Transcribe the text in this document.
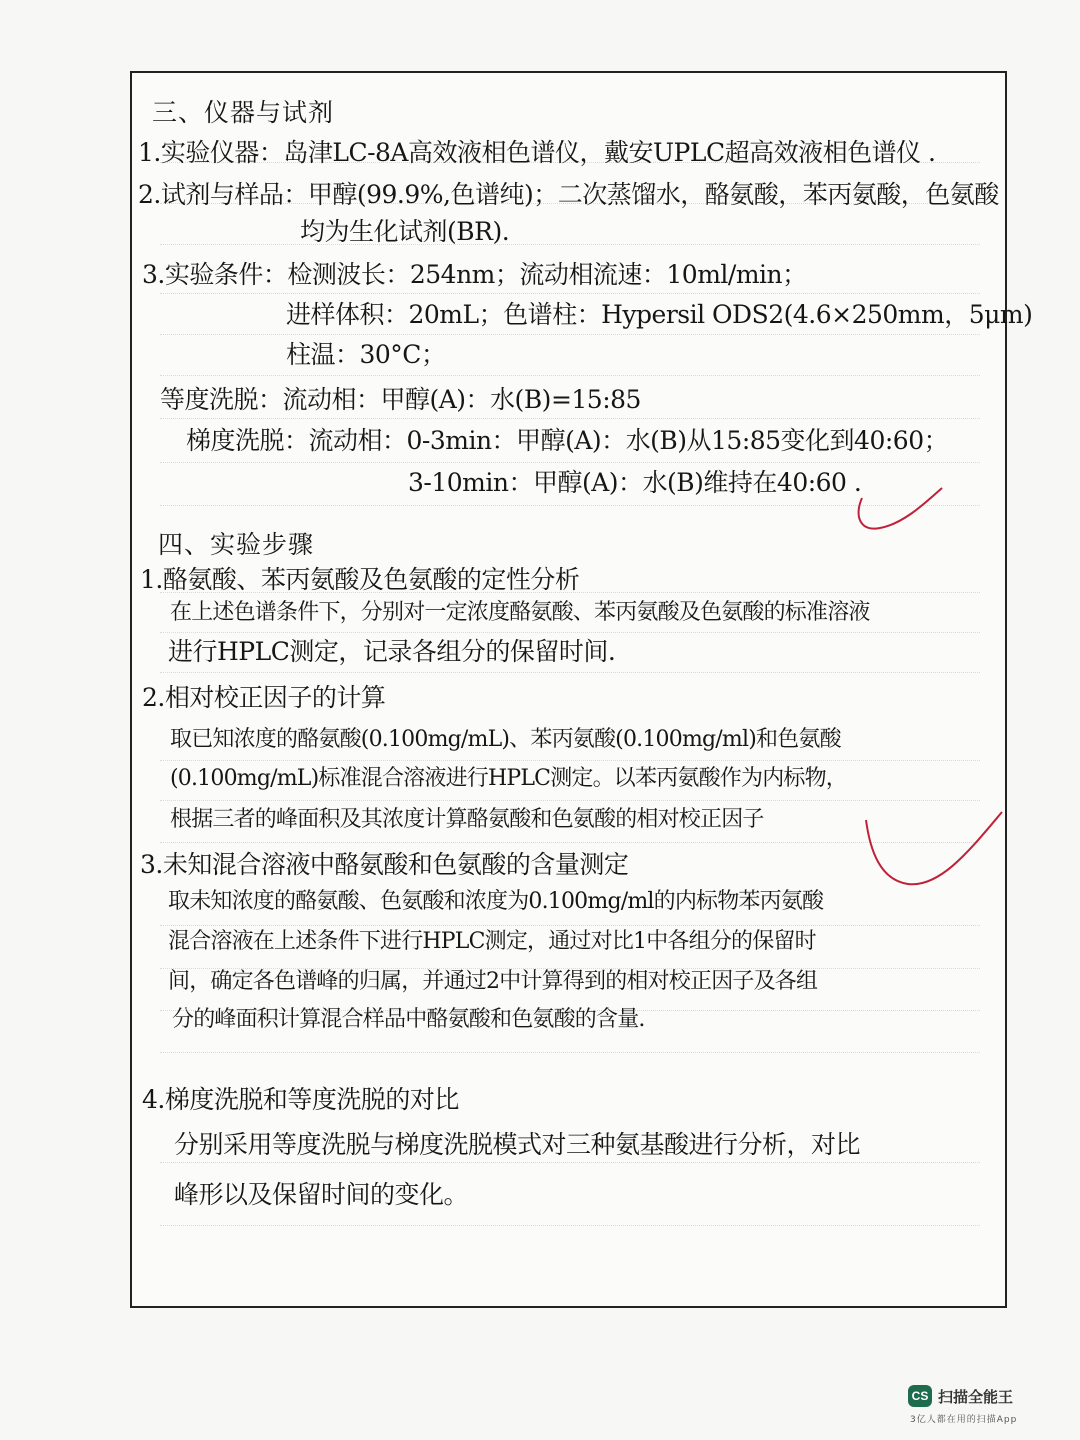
三、仪器与试剂
1.实验仪器：岛津LC-8A高效液相色谱仪，戴安UPLC超高效液相色谱仪 .
2.试剂与样品：甲醇(99.9%,色谱纯)；二次蒸馏水，酪氨酸，苯丙氨酸，色氨酸
均为生化试剂(BR).
3.实验条件：检测波长：254nm；流动相流速：10ml/min；
进样体积：20mL；色谱柱：Hypersil ODS2(4.6×250mm，5μm)
柱温：30°C；
等度洗脱：流动相：甲醇(A)：水(B)=15:85
梯度洗脱：流动相：0-3min：甲醇(A)：水(B)从15:85变化到40:60；
3-10min：甲醇(A)：水(B)维持在40:60 .
四、实验步骤
1.酪氨酸、苯丙氨酸及色氨酸的定性分析
在上述色谱条件下，分别对一定浓度酪氨酸、苯丙氨酸及色氨酸的标准溶液
进行HPLC测定，记录各组分的保留时间.
2.相对校正因子的计算
取已知浓度的酪氨酸(0.100mg/mL)、苯丙氨酸(0.100mg/ml)和色氨酸
(0.100mg/mL)标准混合溶液进行HPLC测定。以苯丙氨酸作为内标物，
根据三者的峰面积及其浓度计算酪氨酸和色氨酸的相对校正因子
3.未知混合溶液中酪氨酸和色氨酸的含量测定
取未知浓度的酪氨酸、色氨酸和浓度为0.100mg/ml的内标物苯丙氨酸
混合溶液在上述条件下进行HPLC测定，通过对比1中各组分的保留时
间，确定各色谱峰的归属，并通过2中计算得到的相对校正因子及各组
分的峰面积计算混合样品中酪氨酸和色氨酸的含量.
4.梯度洗脱和等度洗脱的对比
分别采用等度洗脱与梯度洗脱模式对三种氨基酸进行分析，对比
峰形以及保留时间的变化。
CS 扫描全能王
3亿人都在用的扫描App
